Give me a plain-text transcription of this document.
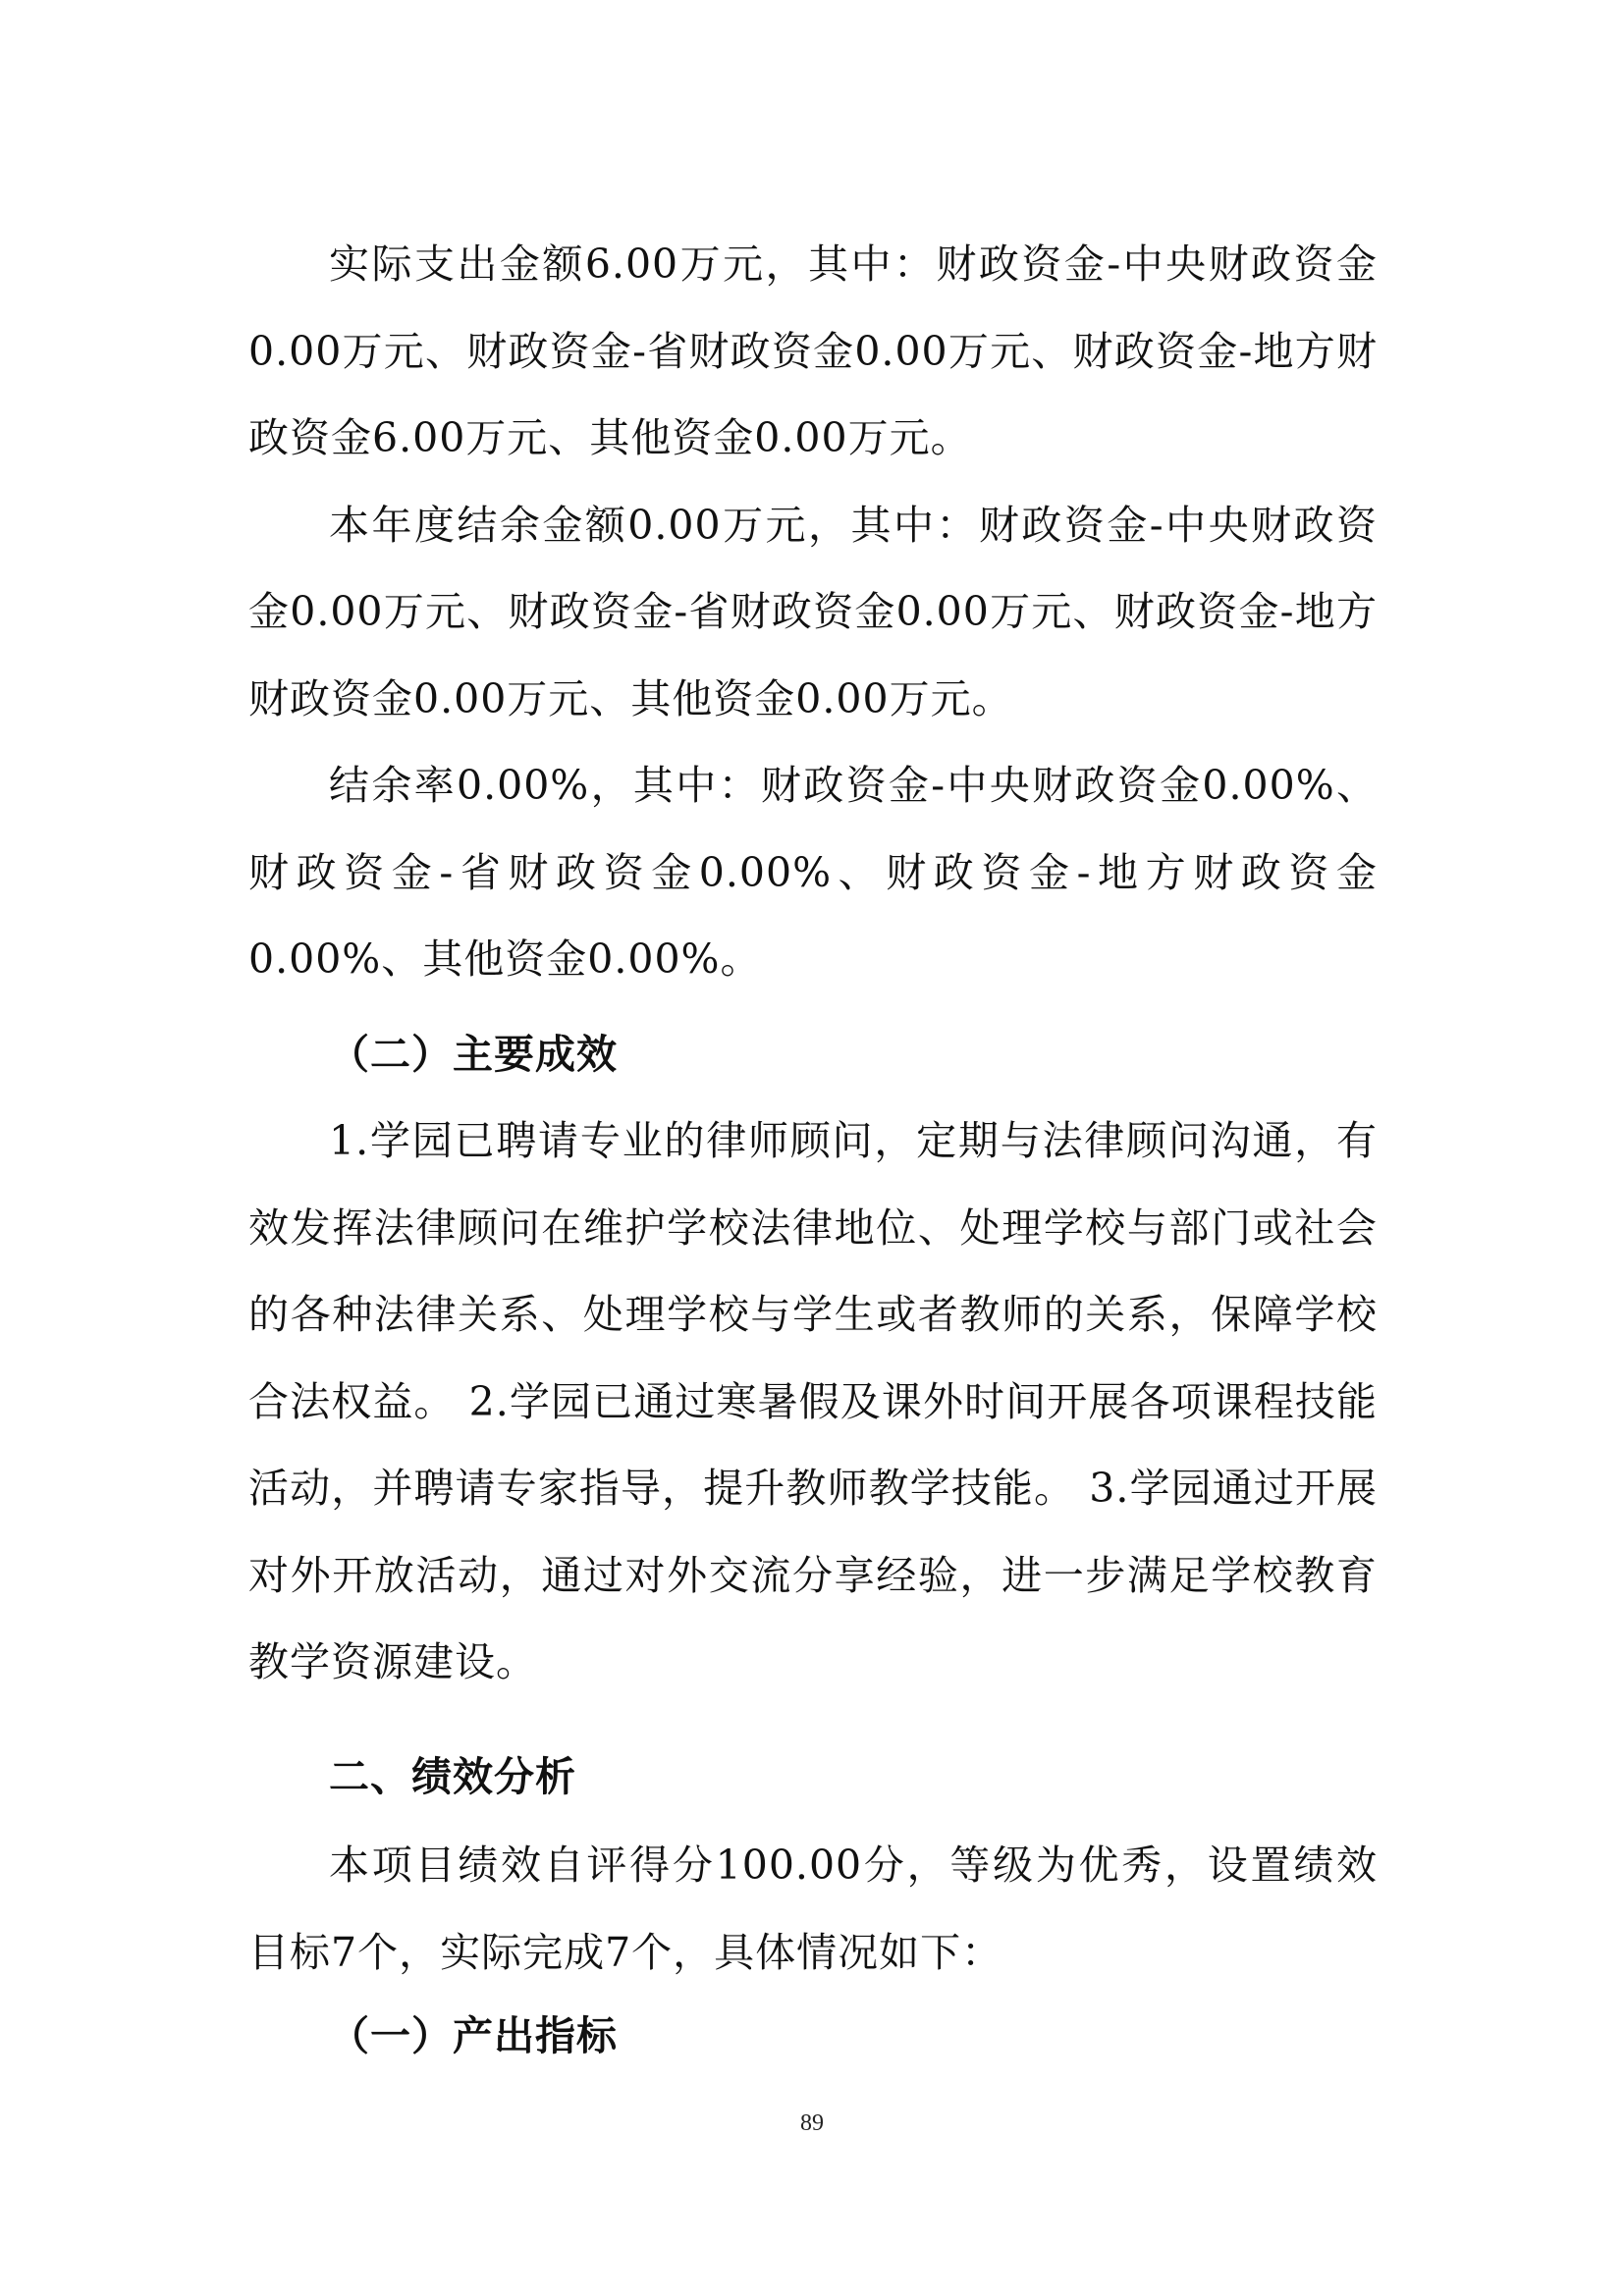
实际支出金额6.00万元，其中：财政资金-中央财政资金0.00万元、财政资金-省财政资金0.00万元、财政资金-地方财政资金6.00万元、其他资金0.00万元。

本年度结余金额0.00万元，其中：财政资金-中央财政资金0.00万元、财政资金-省财政资金0.00万元、财政资金-地方财政资金0.00万元、其他资金0.00万元。

结余率0.00%，其中：财政资金-中央财政资金0.00%、财政资金-省财政资金0.00%、财政资金-地方财政资金0.00%、其他资金0.00%。

（二）主要成效

1.学园已聘请专业的律师顾问，定期与法律顾问沟通，有效发挥法律顾问在维护学校法律地位、处理学校与部门或社会的各种法律关系、处理学校与学生或者教师的关系，保障学校合法权益。 2.学园已通过寒暑假及课外时间开展各项课程技能活动，并聘请专家指导，提升教师教学技能。 3.学园通过开展对外开放活动，通过对外交流分享经验，进一步满足学校教育教学资源建设。

二、绩效分析

本项目绩效自评得分100.00分，等级为优秀，设置绩效目标7个，实际完成7个，具体情况如下：

（一）产出指标
89
